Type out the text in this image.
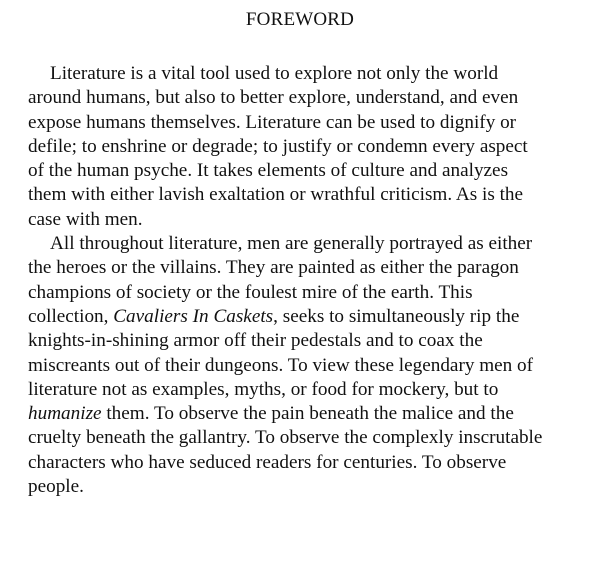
FOREWORD
Literature is a vital tool used to explore not only the world
around humans, but also to better explore, understand, and even
expose humans themselves. Literature can be used to dignify or
defile; to enshrine or degrade; to justify or condemn every aspect
of the human psyche. It takes elements of culture and analyzes
them with either lavish exaltation or wrathful criticism. As is the
case with men.
All throughout literature, men are generally portrayed as either
the heroes or the villains. They are painted as either the paragon
champions of society or the foulest mire of the earth. This
collection, Cavaliers In Caskets, seeks to simultaneously rip the
knights-in-shining armor off their pedestals and to coax the
miscreants out of their dungeons. To view these legendary men of
literature not as examples, myths, or food for mockery, but to
humanize them. To observe the pain beneath the malice and the
cruelty beneath the gallantry. To observe the complexly inscrutable
characters who have seduced readers for centuries. To observe
people.
